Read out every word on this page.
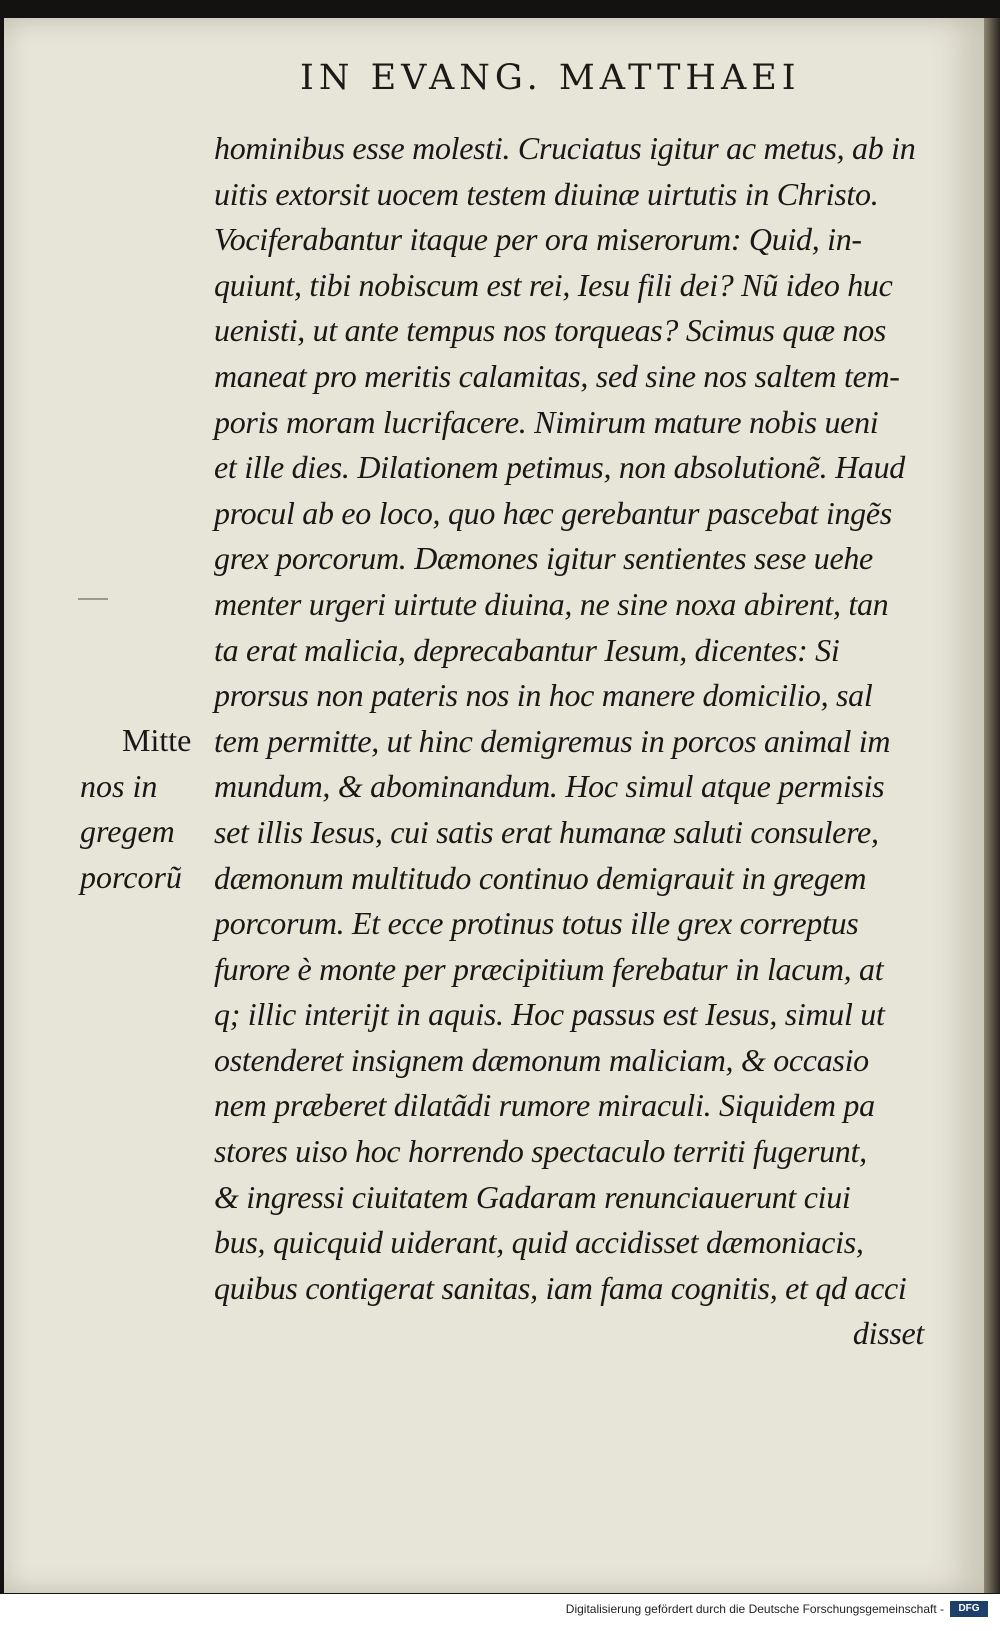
IN EVANG. MATTHAEI
hominibus esse molesti. Cruciatus igitur ac metus, ab in
uitis extorsit uocem testem diuinæ uirtutis in Christo.
Vociferabantur itaque per ora miserorum: Quid, in-
quiunt, tibi nobiscum est rei, Iesu fili dei? Nũ ideo huc
uenisti, ut ante tempus nos torqueas? Scimus quæ nos
maneat pro meritis calamitas, sed sine nos saltem tem-
poris moram lucrifacere. Nimirum mature nobis ueni
et ille dies. Dilationem petimus, non absolutionẽ. Haud
procul ab eo loco, quo hæc gerebantur pascebat ingẽs
grex porcorum. Dæmones igitur sentientes sese uehe
menter urgeri uirtute diuina, ne sine noxa abirent, tan
ta erat malicia, deprecabantur Iesum, dicentes: Si
prorsus non pateris nos in hoc manere domicilio, sal
tem permitte, ut hinc demigremus in porcos animal im
mundum, & abominandum. Hoc simul atque permisis
set illis Iesus, cui satis erat humanæ saluti consulere,
dæmonum multitudo continuo demigrauit in gregem
porcorum. Et ecce protinus totus ille grex correptus
furore è monte per præcipitium ferebatur in lacum, at
q; illic interijt in aquis. Hoc passus est Iesus, simul ut
ostenderet insignem dæmonum maliciam, & occasio
nem præberet dilatãdi rumore miraculi. Siquidem pa
stores uiso hoc horrendo spectaculo territi fugerunt,
& ingressi ciuitatem Gadaram renunciauerunt ciui
bus, quicquid uiderant, quid accidisset dæmoniacis,
quibus contigerat sanitas, iam fama cognitis, et qd acci
disset
Mitte
nos in
gregem
porcorũ
Digitalisierung gefördert durch die Deutsche Forschungsgemeinschaft -	DFG
